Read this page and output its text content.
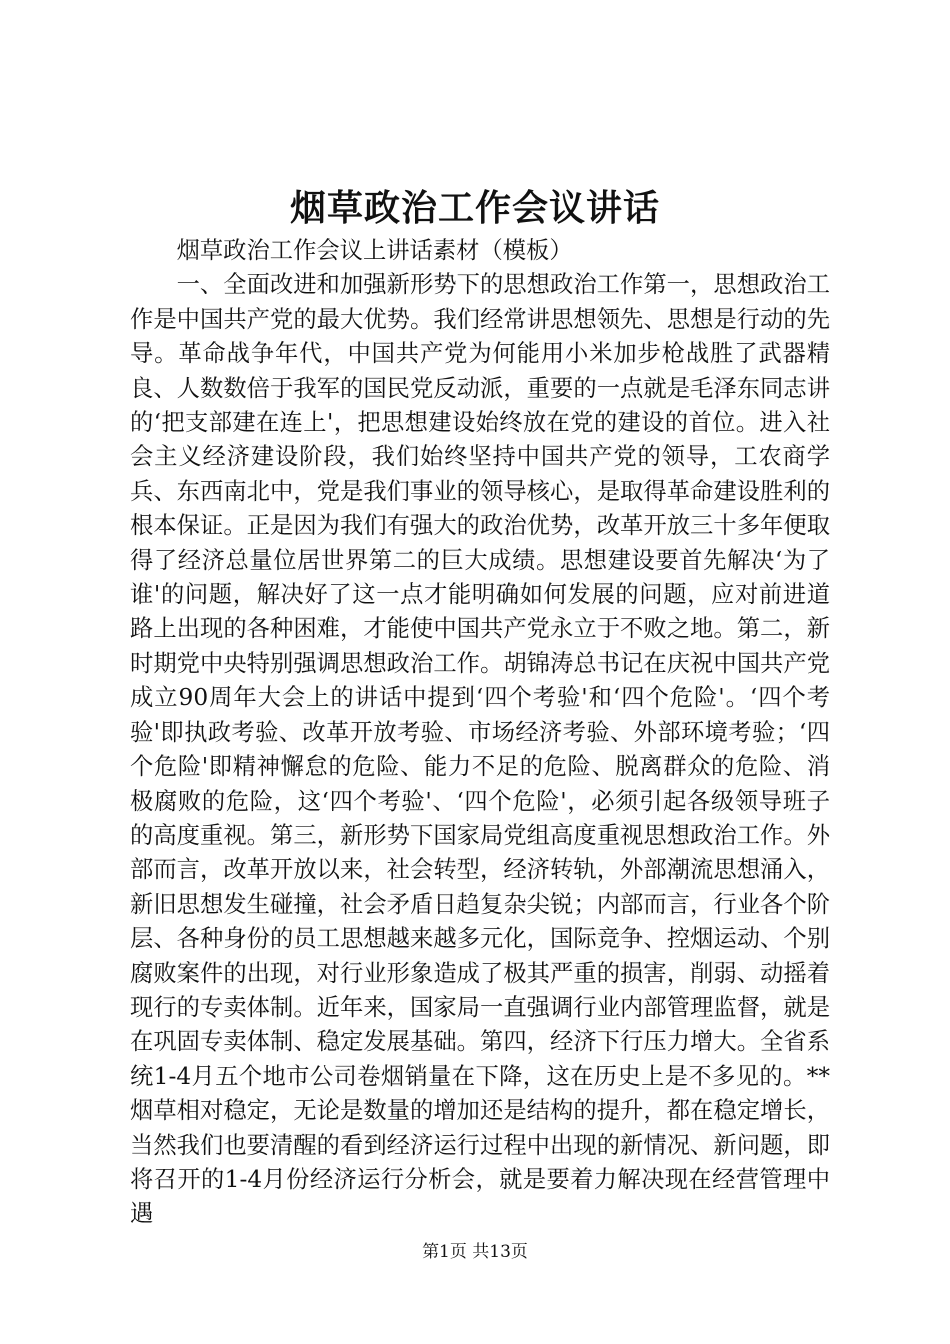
烟草政治工作会议讲话

烟草政治工作会议上讲话素材（模板）

一、全面改进和加强新形势下的思想政治工作第一，思想政治工作是中国共产党的最大优势。我们经常讲思想领先、思想是行动的先导。革命战争年代，中国共产党为何能用小米加步枪战胜了武器精良、人数数倍于我军的国民党反动派，重要的一点就是毛泽东同志讲的‘把支部建在连上'，把思想建设始终放在党的建设的首位。进入社会主义经济建设阶段，我们始终坚持中国共产党的领导，工农商学兵、东西南北中，党是我们事业的领导核心，是取得革命建设胜利的根本保证。正是因为我们有强大的政治优势，改革开放三十多年便取得了经济总量位居世界第二的巨大成绩。思想建设要首先解决‘为了谁'的问题，解决好了这一点才能明确如何发展的问题，应对前进道路上出现的各种困难，才能使中国共产党永立于不败之地。第二，新时期党中央特别强调思想政治工作。胡锦涛总书记在庆祝中国共产党成立90周年大会上的讲话中提到‘四个考验'和‘四个危险'。‘四个考验'即执政考验、改革开放考验、市场经济考验、外部环境考验；‘四个危险'即精神懈怠的危险、能力不足的危险、脱离群众的危险、消极腐败的危险，这‘四个考验'、‘四个危险'，必须引起各级领导班子的高度重视。第三，新形势下国家局党组高度重视思想政治工作。外部而言，改革开放以来，社会转型，经济转轨，外部潮流思想涌入，新旧思想发生碰撞，社会矛盾日趋复杂尖锐；内部而言，行业各个阶层、各种身份的员工思想越来越多元化，国际竞争、控烟运动、个别腐败案件的出现，对行业形象造成了极其严重的损害，削弱、动摇着现行的专卖体制。近年来，国家局一直强调行业内部管理监督，就是在巩固专卖体制、稳定发展基础。第四，经济下行压力增大。全省系统1-4月五个地市公司卷烟销量在下降，这在历史上是不多见的。**烟草相对稳定，无论是数量的增加还是结构的提升，都在稳定增长，当然我们也要清醒的看到经济运行过程中出现的新情况、新问题，即将召开的1-4月份经济运行分析会，就是要着力解决现在经营管理中遇

第1页 共13页
